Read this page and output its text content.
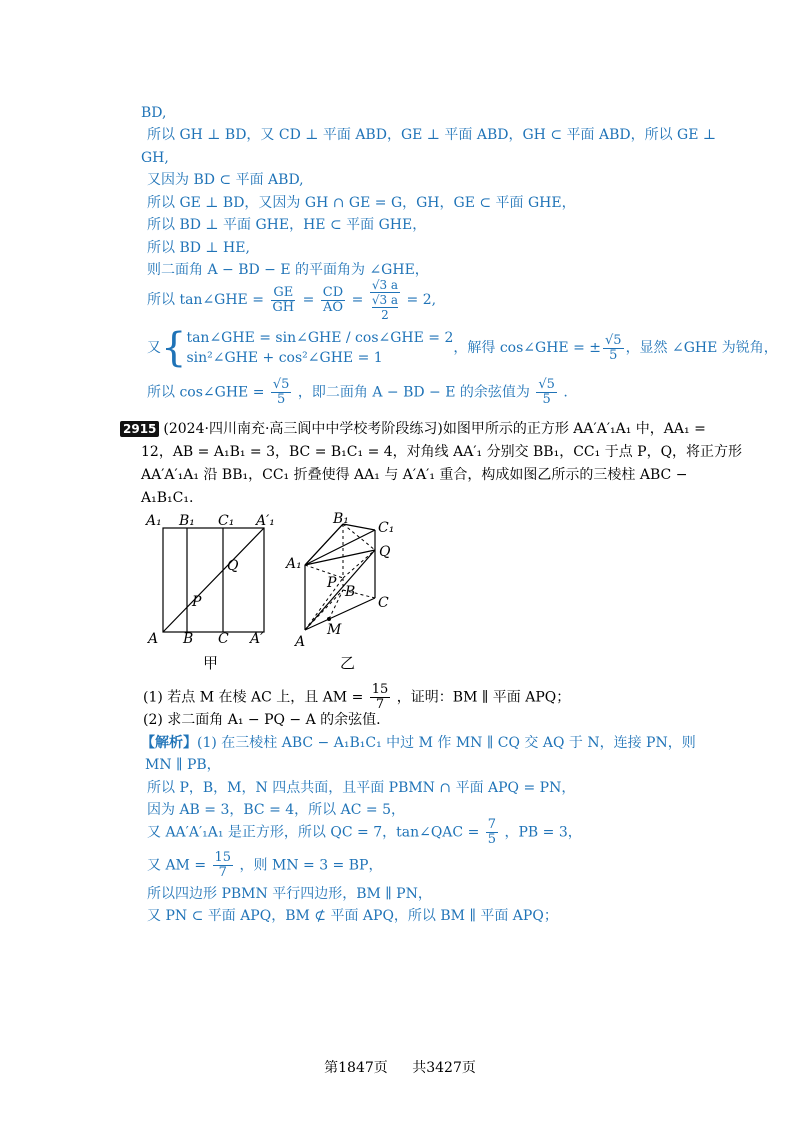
BD,
所以 GH ⊥ BD，又 CD ⊥ 平面 ABD，GE ⊥ 平面 ABD，GH ⊂ 平面 ABD，所以 GE ⊥
GH,
又因为 BD ⊂ 平面 ABD,
所以 GE ⊥ BD，又因为 GH ∩ GE = G，GH，GE ⊂ 平面 GHE，
所以 BD ⊥ 平面 GHE，HE ⊂ 平面 GHE，
所以 BD ⊥ HE,
则二面角 A − BD − E 的平面角为 ∠GHE，
所以 tan∠GHE = $\frac{GE}{GH} = \frac{CD}{AO} = \frac{√3 a}{\frac{√3 a}{2}} = 2$,
又{ tan∠GHE = sin∠GHE / cos∠GHE = 2
sin²∠GHE + cos²∠GHE = 1
，解得 cos∠GHE = ± $\frac{√5}{5}$ ，显然 ∠GHE 为锐角，
所以 cos∠GHE = $\frac{√5}{5}$ ，即二面角 A − BD − E 的余弦值为 $\frac{√5}{5}$ .
2915 (2024·四川南充·高三阆中中学校考阶段练习)如图甲所示的正方形 AA′A′₁A₁ 中，AA₁ =
12，AB = A₁B₁ = 3，BC = B₁C₁ = 4，对角线 AA′₁ 分别交 BB₁，CC₁ 于点 P，Q，将正方形
AA′A′₁A₁ 沿 BB₁，CC₁ 折叠使得 AA₁ 与 A′A′₁ 重合，构成如图乙所示的三棱柱 ABC −
A₁B₁C₁.
A₁ B₁ C₁ A′₁
Q
P
A B C A′
甲
B₁
C₁
Q
A₁
P
B
C
M
A
乙
(1) 若点 M 在棱 AC 上，且 AM = $\frac{15}{7}$ ，证明：BM ∥ 平面 APQ；
(2) 求二面角 A₁ − PQ − A 的余弦值.
【解析】(1) 在三棱柱 ABC − A₁B₁C₁ 中过 M 作 MN ∥ CQ 交 AQ 于 N，连接 PN，则
MN ∥ PB，
所以 P，B，M，N 四点共面，且平面 PBMN ∩ 平面 APQ = PN，
因为 AB = 3，BC = 4，所以 AC = 5，
又 AA′A′₁A₁ 是正方形，所以 QC = 7，tan∠QAC = $\frac{7}{5}$ ，PB = 3，
又 AM = $\frac{15}{7}$ ，则 MN = 3 = BP，
所以四边形 PBMN 平行四边形，BM ∥ PN，
又 PN ⊂ 平面 APQ，BM ⊄ 平面 APQ，所以 BM ∥ 平面 APQ；
第1847页 共3427页
